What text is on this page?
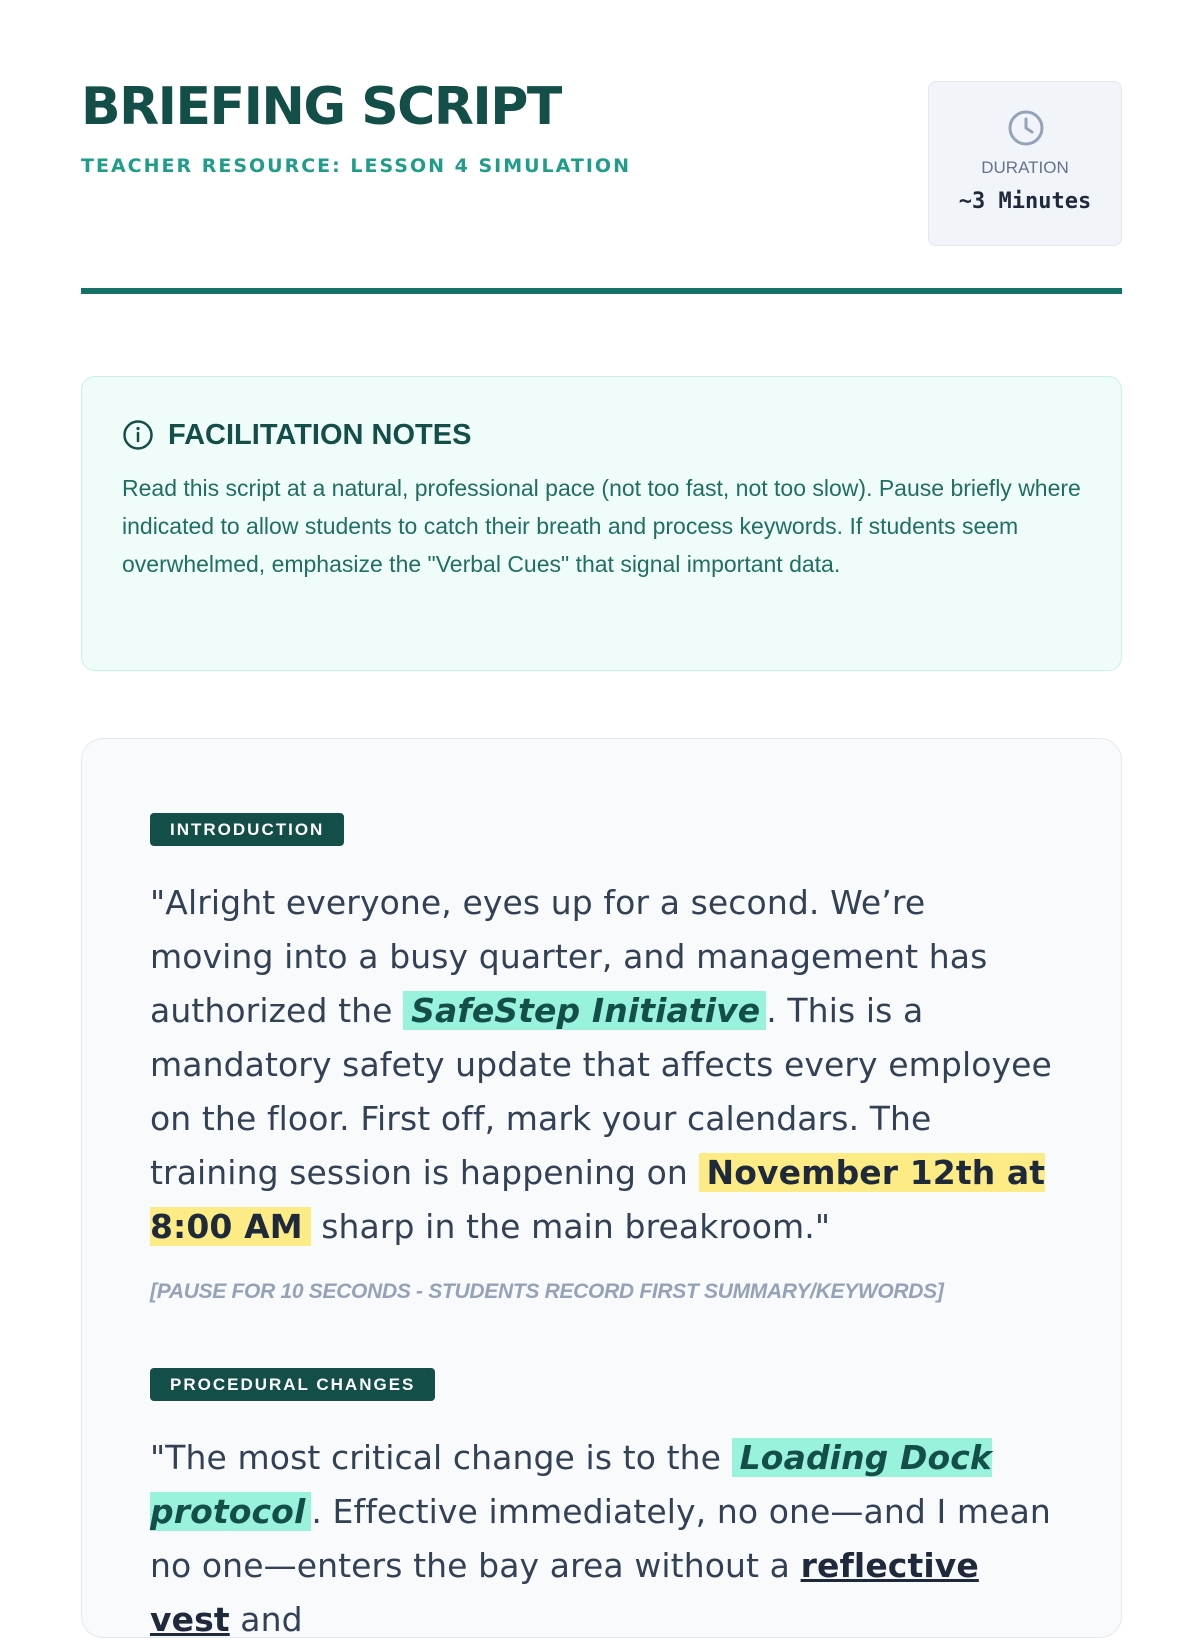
BRIEFING SCRIPT

TEACHER RESOURCE: LESSON 4 SIMULATION	DURATION
~3 Minutes
FACILITATION NOTES

Read this script at a natural, professional pace (not too fast, not too slow). Pause briefly where indicated to allow students to catch their breath and process keywords. If students seem overwhelmed, emphasize the "Verbal Cues" that signal important data.

INTRODUCTION

"Alright everyone, eyes up for a second. We’re moving into a busy quarter, and management has authorized the SafeStep Initiative . This is a mandatory safety update that affects every employee on the floor. First off, mark your calendars. The training session is happening on November 12th at 8:00 AM sharp in the main breakroom."

[PAUSE FOR 10 SECONDS - STUDENTS RECORD FIRST SUMMARY/KEYWORDS]

PROCEDURAL CHANGES

"The most critical change is to the Loading Dock protocol . Effective immediately, no one—and I mean no one—enters the bay area without a reflective vest and
